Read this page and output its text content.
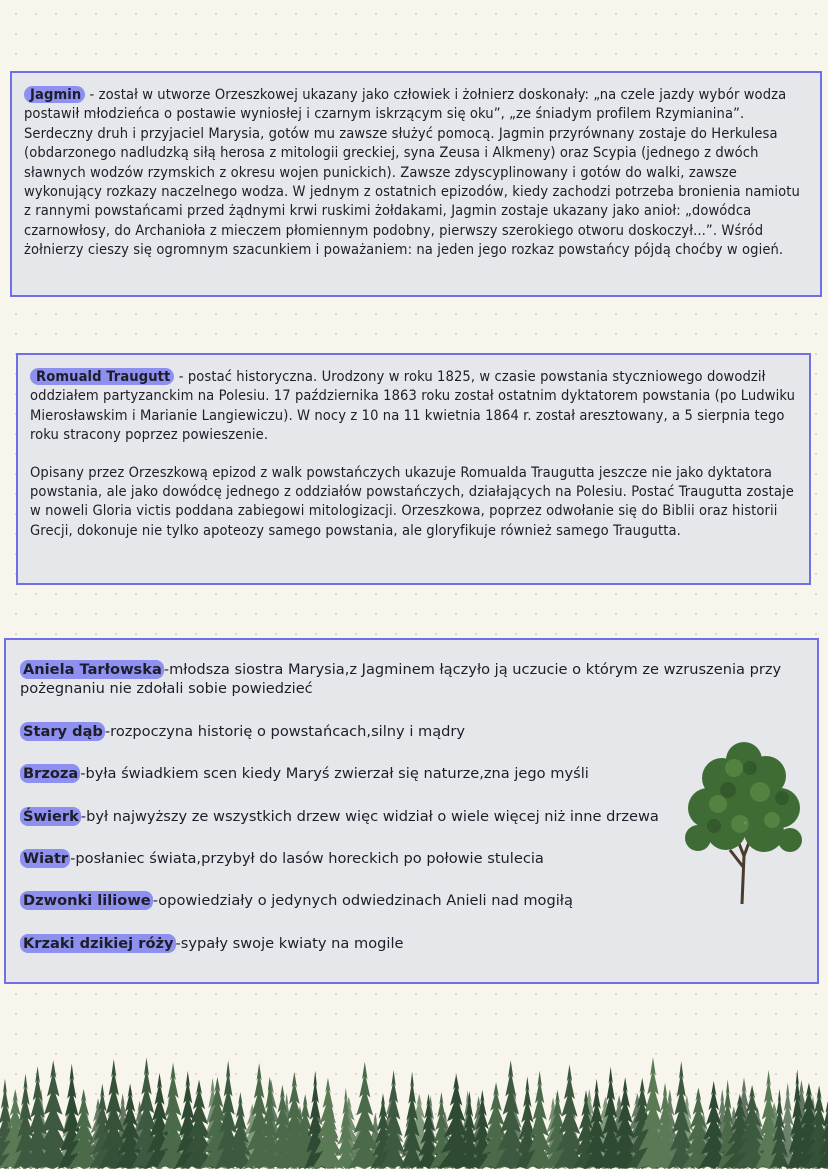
Jagmin - został w utworze Orzeszkowej ukazany jako człowiek i żołnierz doskonały: „na czele jazdy wybór wodza postawił młodzieńca o postawie wyniosłej i czarnym iskrzącym się oku”, „ze śniadym profilem Rzymianina”. Serdeczny druh i przyjaciel Marysia, gotów mu zawsze służyć pomocą. Jagmin przyrównany zostaje do Herkulesa (obdarzonego nadludzką siłą herosa z mitologii greckiej, syna Zeusa i Alkmeny) oraz Scypia (jednego z dwóch sławnych wodzów rzymskich z okresu wojen punickich). Zawsze zdyscyplinowany i gotów do walki, zawsze wykonujący rozkazy naczelnego wodza. W jednym z ostatnich epizodów, kiedy zachodzi potrzeba bronienia namiotu z rannymi powstańcami przed żądnymi krwi ruskimi żołdakami, Jagmin zostaje ukazany jako anioł: „dowódca czarnowłosy, do Archanioła z mieczem płomiennym podobny, pierwszy szerokiego otworu doskoczył...”. Wśród żołnierzy cieszy się ogromnym szacunkiem i poważaniem: na jeden jego rozkaz powstańcy pójdą choćby w ogień.

Romuald Traugutt - postać historyczna. Urodzony w roku 1825, w czasie powstania styczniowego dowodził oddziałem partyzanckim na Polesiu. 17 października 1863 roku został ostatnim dyktatorem powstania (po Ludwiku Mierosławskim i Marianie Langiewiczu). W nocy z 10 na 11 kwietnia 1864 r. został aresztowany, a 5 sierpnia tego roku stracony poprzez powieszenie.

Opisany przez Orzeszkową epizod z walk powstańczych ukazuje Romualda Traugutta jeszcze nie jako dyktatora powstania, ale jako dowódcę jednego z oddziałów powstańczych, działających na Polesiu. Postać Traugutta zostaje w noweli Gloria victis poddana zabiegowi mitologizacji. Orzeszkowa, poprzez odwołanie się do Biblii oraz historii Grecji, dokonuje nie tylko apoteozy samego powstania, ale gloryfikuje również samego Traugutta.

Aniela Tarłowska -młodsza siostra Marysia,z Jagminem łączyło ją uczucie o którym ze wzruszenia przy pożegnaniu nie zdołali sobie powiedzieć

Stary dąb -rozpoczyna historię o powstańcach,silny i mądry

Brzoza -była świadkiem scen kiedy Maryś zwierzał się naturze,zna jego myśli

Świerk -był najwyższy ze wszystkich drzew więc widział o wiele więcej niż inne drzewa

Wiatr -posłaniec świata,przybył do lasów horeckich po połowie stulecia

Dzwonki liliowe -opowiedziały o jedynych odwiedzinach Anieli nad mogiłą

Krzaki dzikiej róży -sypały swoje kwiaty na mogile
